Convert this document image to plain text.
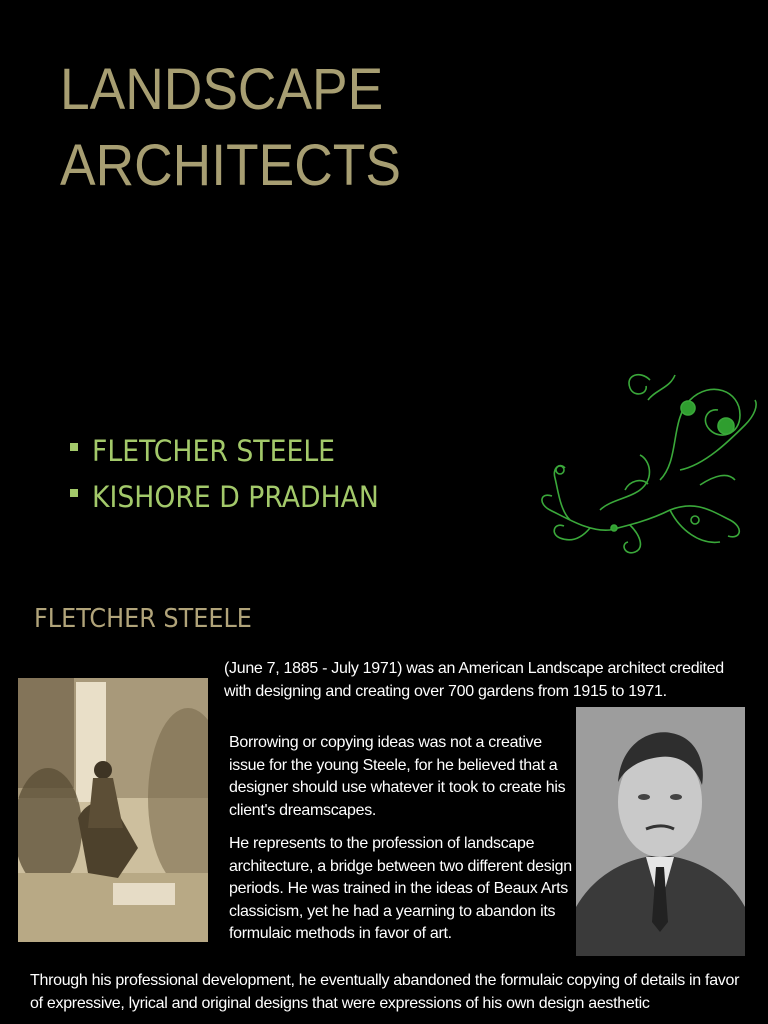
LANDSCAPE
ARCHITECTS
FLETCHER STEELE
KISHORE D PRADHAN
FLETCHER STEELE

(June 7, 1885 - July 1971) was an American Landscape architect credited with designing and creating over 700 gardens from 1915 to 1971.

Borrowing or copying ideas was not a creative issue for the young Steele, for he believed that a designer should use whatever it took to create his client's dreamscapes.

He represents to the profession of landscape architecture, a bridge between two different design periods. He was trained in the ideas of Beaux Arts classicism, yet he had a yearning to abandon its formulaic methods in favor of art.

Through his professional development, he eventually abandoned the formulaic copying of details in favor of expressive, lyrical and original designs that were expressions of his own design aesthetic
